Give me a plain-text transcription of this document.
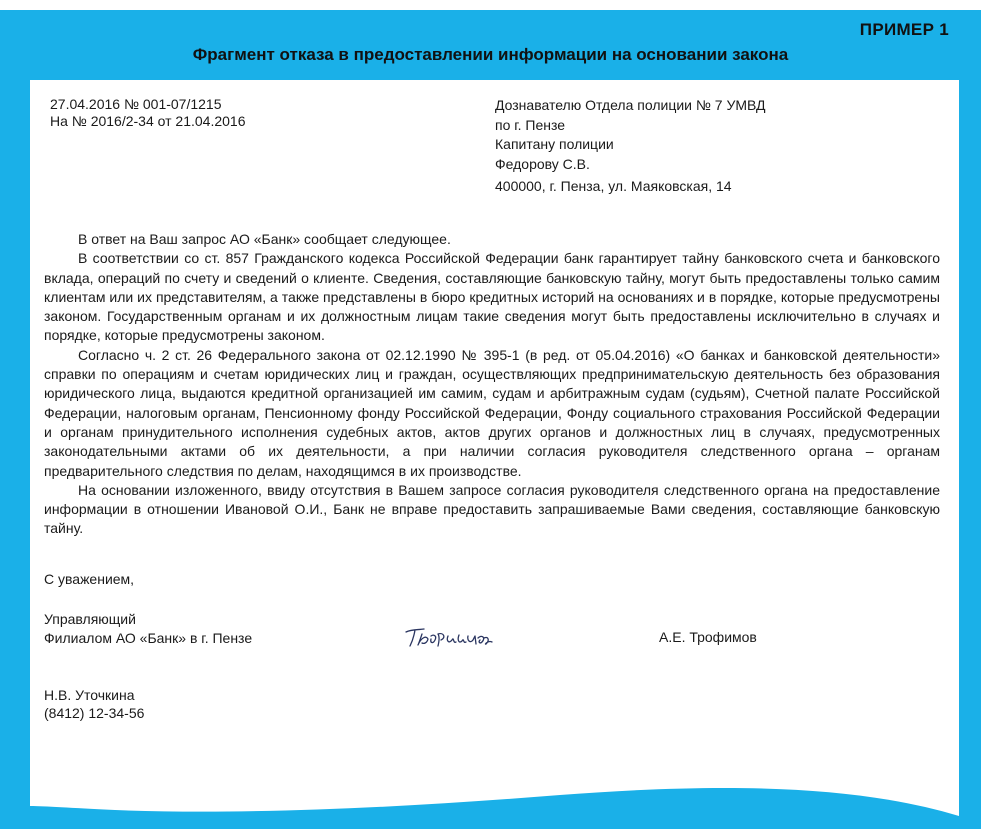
ПРИМЕР 1
Фрагмент отказа в предоставлении информации на основании закона
27.04.2016 № 001-07/1215
На № 2016/2-34 от 21.04.2016
Дознавателю Отдела полиции № 7 УМВД
по г. Пензе
Капитану полиции
Федорову С.В.
400000, г. Пенза, ул. Маяковская, 14

В ответ на Ваш запрос АО «Банк» сообщает следующее.

В соответствии со ст. 857 Гражданского кодекса Российской Федерации банк гарантирует тайну банковского счета и банковского вклада, операций по счету и сведений о клиенте. Сведения, составляющие банковскую тайну, могут быть предоставлены только самим клиентам или их представителям, а также представлены в бюро кредитных историй на основаниях и в порядке, которые предусмотрены законом. Государственным органам и их должностным лицам такие сведения могут быть предоставлены исключительно в случаях и порядке, которые предусмотрены законом.

Согласно ч. 2 ст. 26 Федерального закона от 02.12.1990 № 395-1 (в ред. от 05.04.2016) «О банках и банковской деятельности» справки по операциям и счетам юридических лиц и граждан, осуществляющих предпринимательскую деятельность без образования юридического лица, выдаются кредитной организацией им самим, судам и арбитражным судам (судьям), Счетной палате Российской Федерации, налоговым органам, Пенсионному фонду Российской Федерации, Фонду социального страхования Российской Федерации и органам принудительного исполнения судебных актов, актов других органов и должностных лиц в случаях, предусмотренных законодательными актами об их деятельности, а при наличии согласия руководителя следственного органа – органам предварительного следствия по делам, находящимся в их производстве.

На основании изложенного, ввиду отсутствия в Вашем запросе согласия руководителя следственного органа на предоставление информации в отношении Ивановой О.И., Банк не вправе предоставить запрашиваемые Вами сведения, составляющие банковскую тайну.

С уважением,
Управляющий
Филиалом АО «Банк» в г. Пензе	А.Е. Трофимов
Н.В. Уточкина
(8412) 12-34-56
